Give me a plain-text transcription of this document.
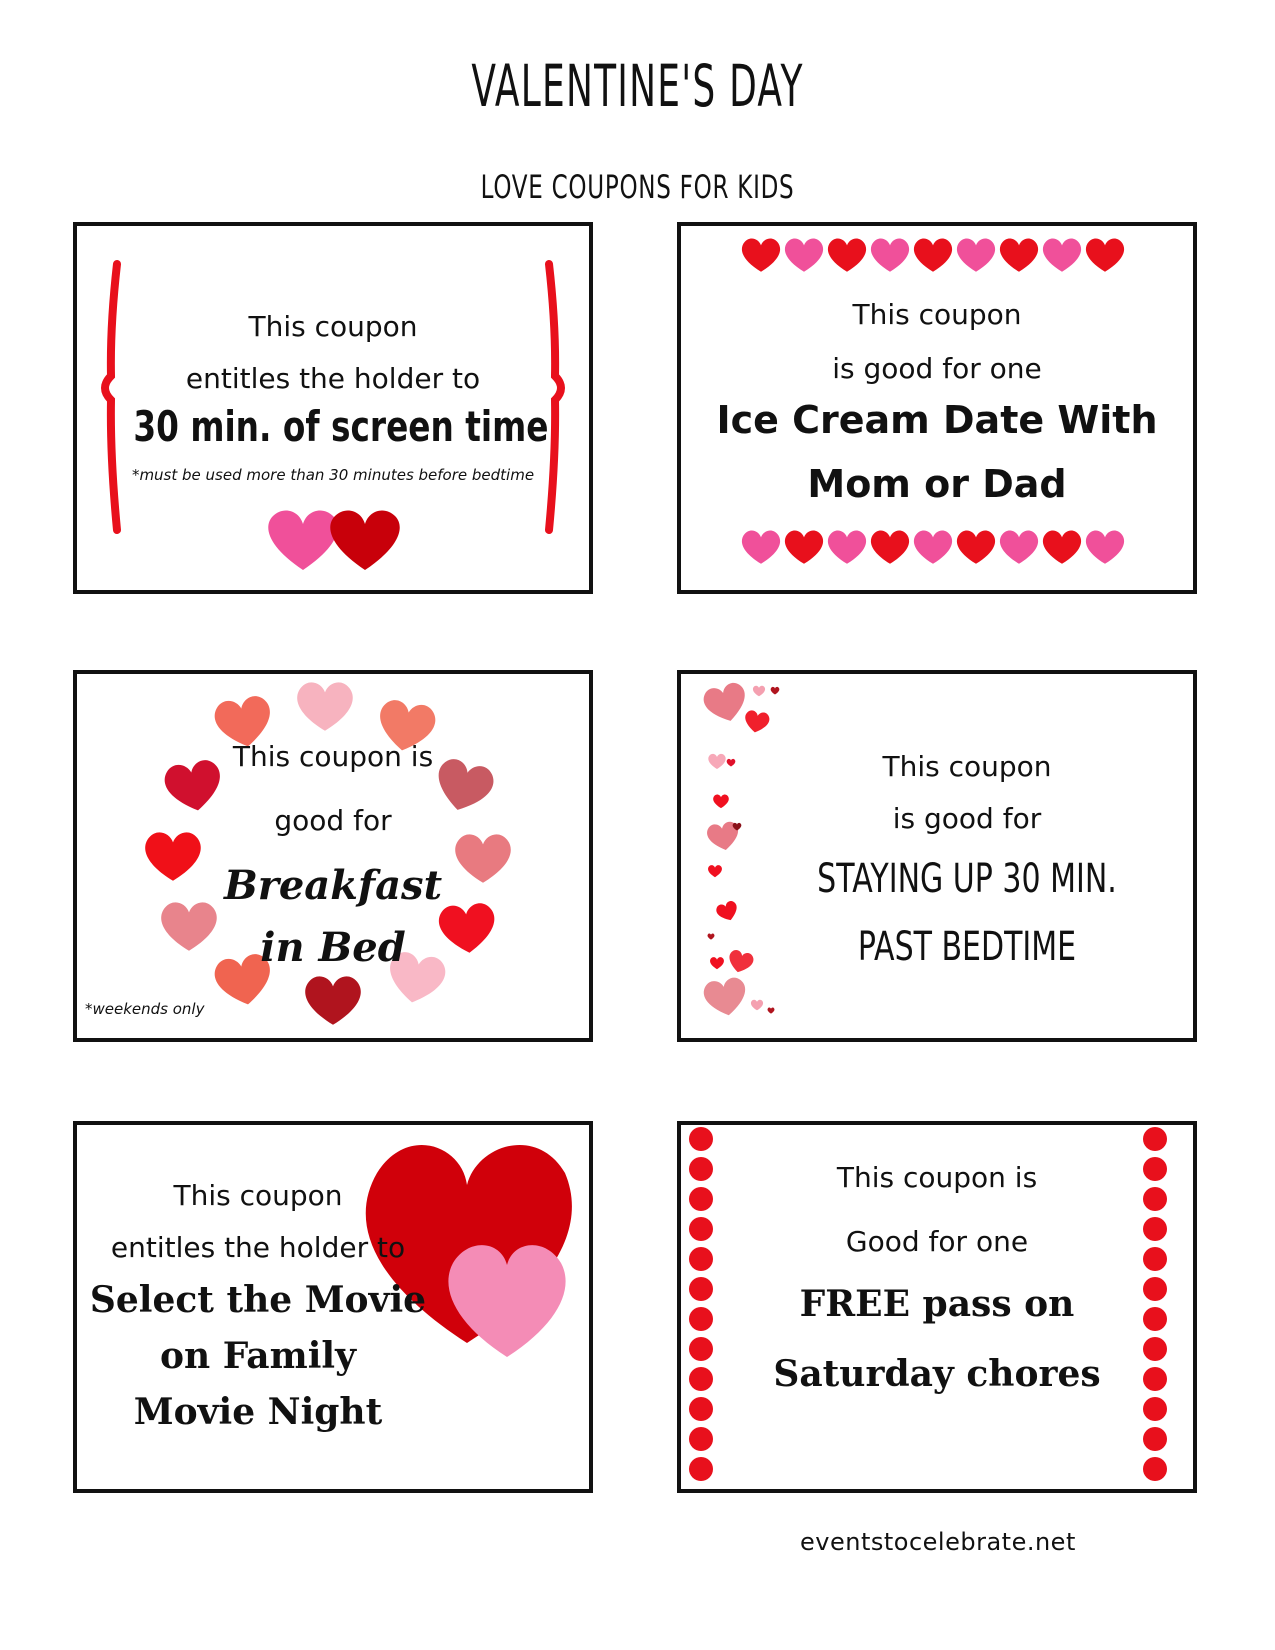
VALENTINE'S DAY
LOVE COUPONS FOR KIDS
This coupon
entitles the holder to
30 min. of screen time
*must be used more than 30 minutes before bedtime
This coupon
is good for one
Ice Cream Date With
Mom or Dad
This coupon is
good for
Breakfast
in Bed
*weekends only
This coupon
is good for
STAYING UP 30 MIN.
PAST BEDTIME
This coupon
entitles the holder to
Select the Movie
on Family
Movie Night
This coupon is
Good for one
FREE pass on
Saturday chores
eventstocelebrate.net
